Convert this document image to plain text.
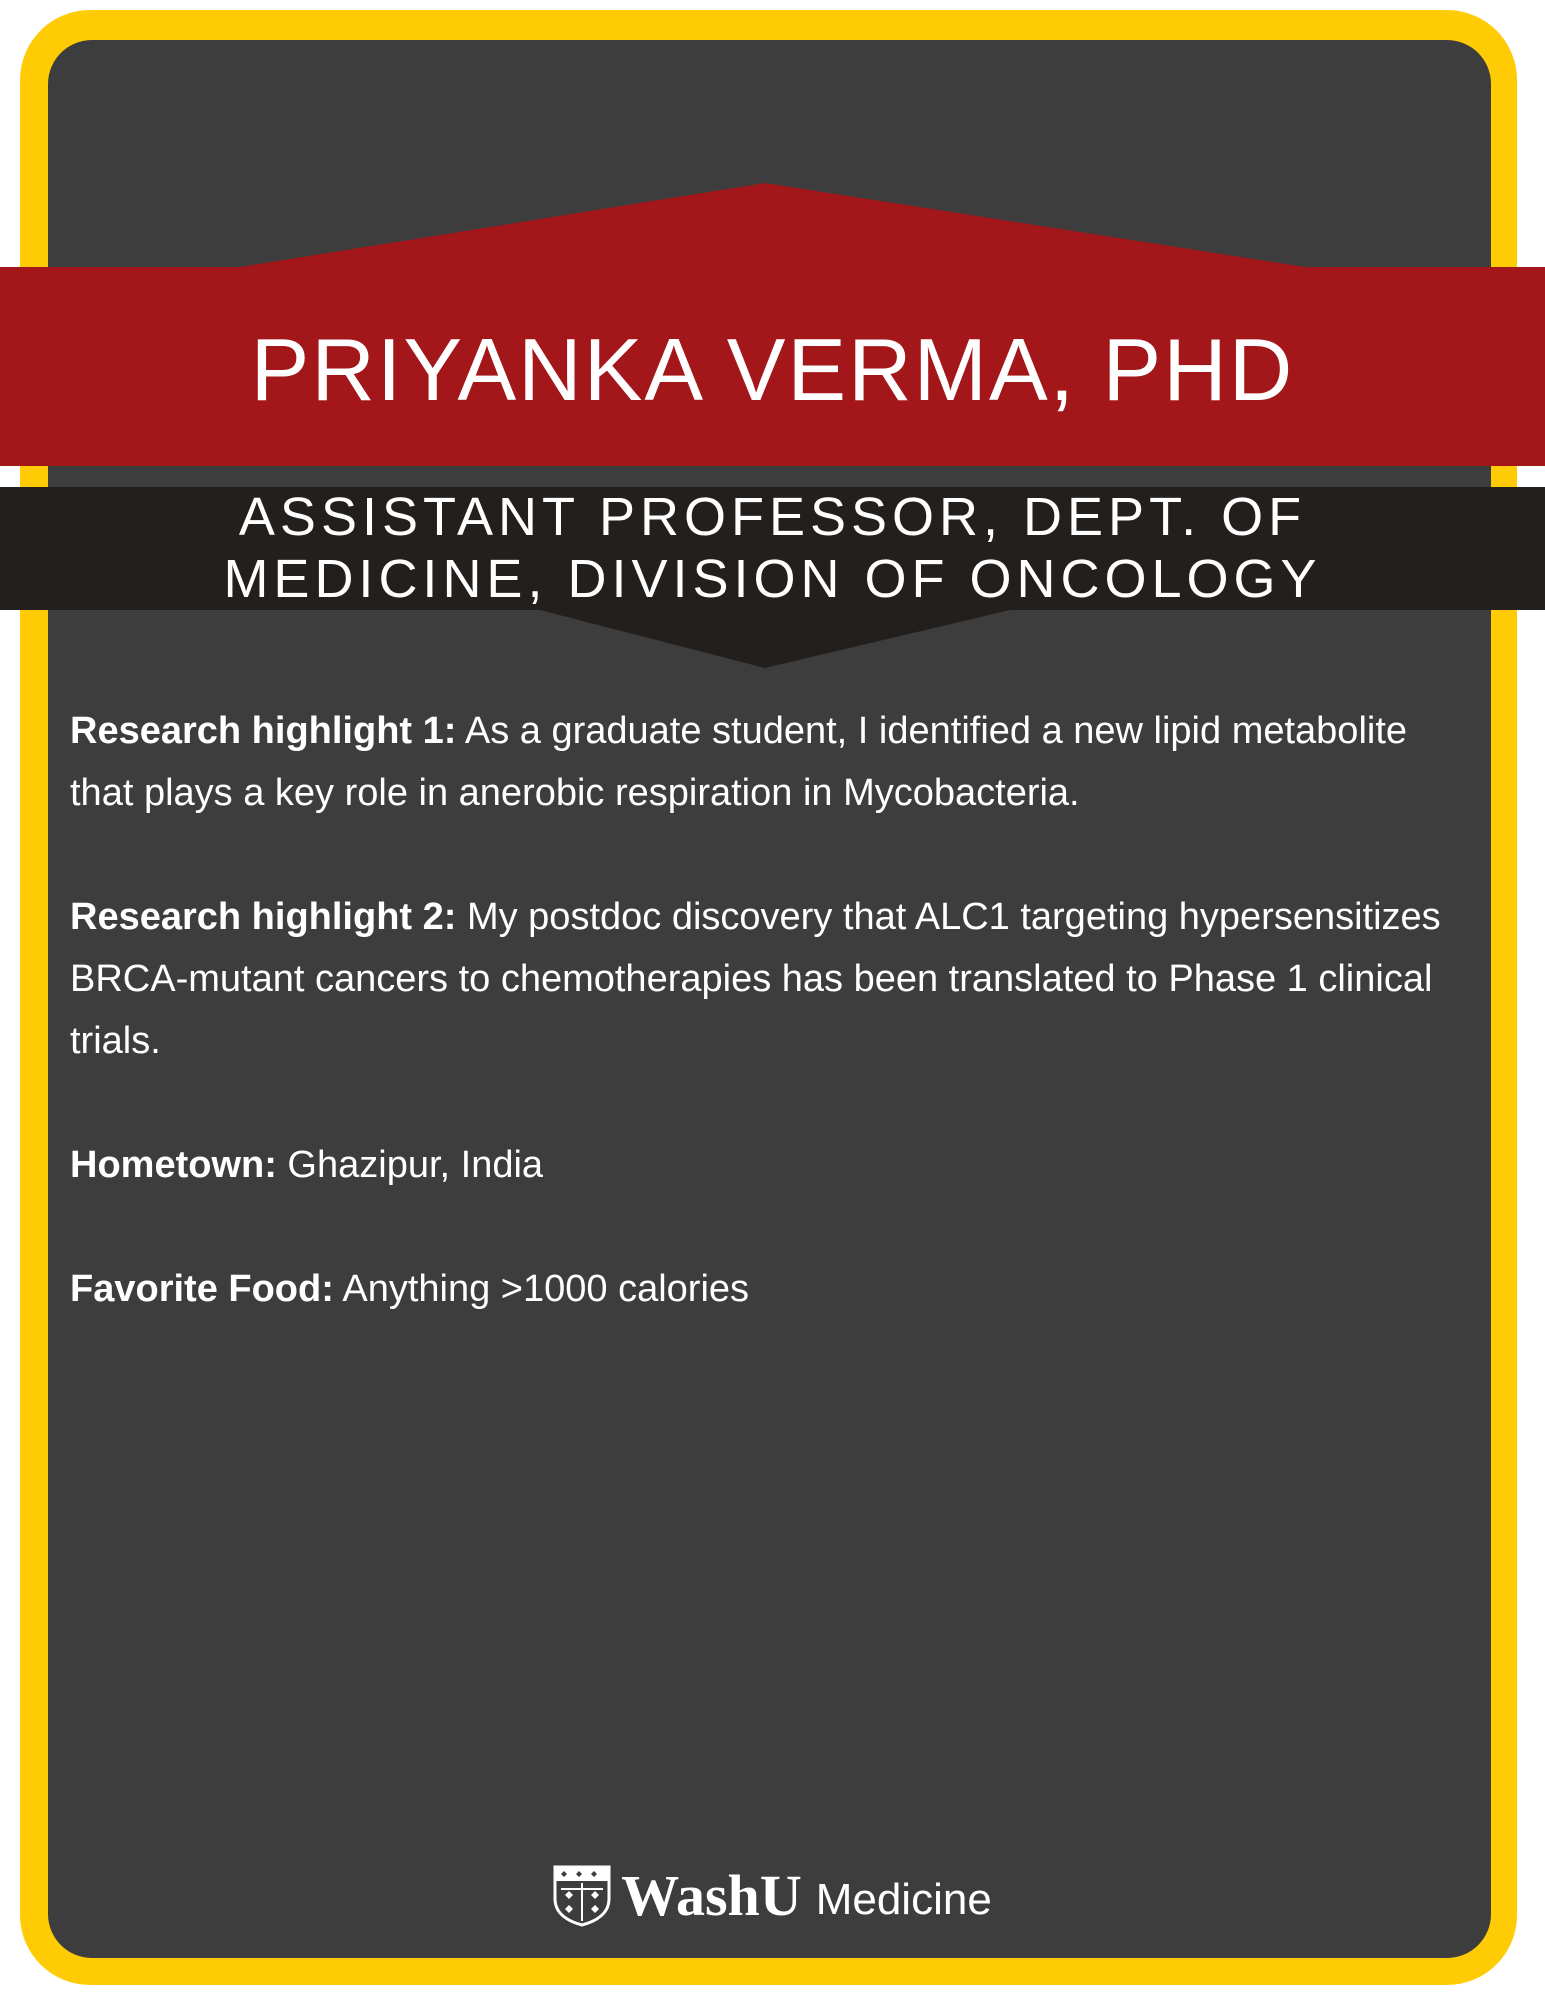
PRIYANKA VERMA, PHD
ASSISTANT PROFESSOR, DEPT. OF MEDICINE, DIVISION OF ONCOLOGY

Research highlight 1: As a graduate student, I identified a new lipid metabolite that plays a key role in anerobic respiration in Mycobacteria.

Research highlight 2: My postdoc discovery that ALC1 targeting hypersensitizes BRCA-mutant cancers to chemotherapies has been translated to Phase 1 clinical trials.

Hometown: Ghazipur, India

Favorite Food: Anything >1000 calories

WashU Medicine
